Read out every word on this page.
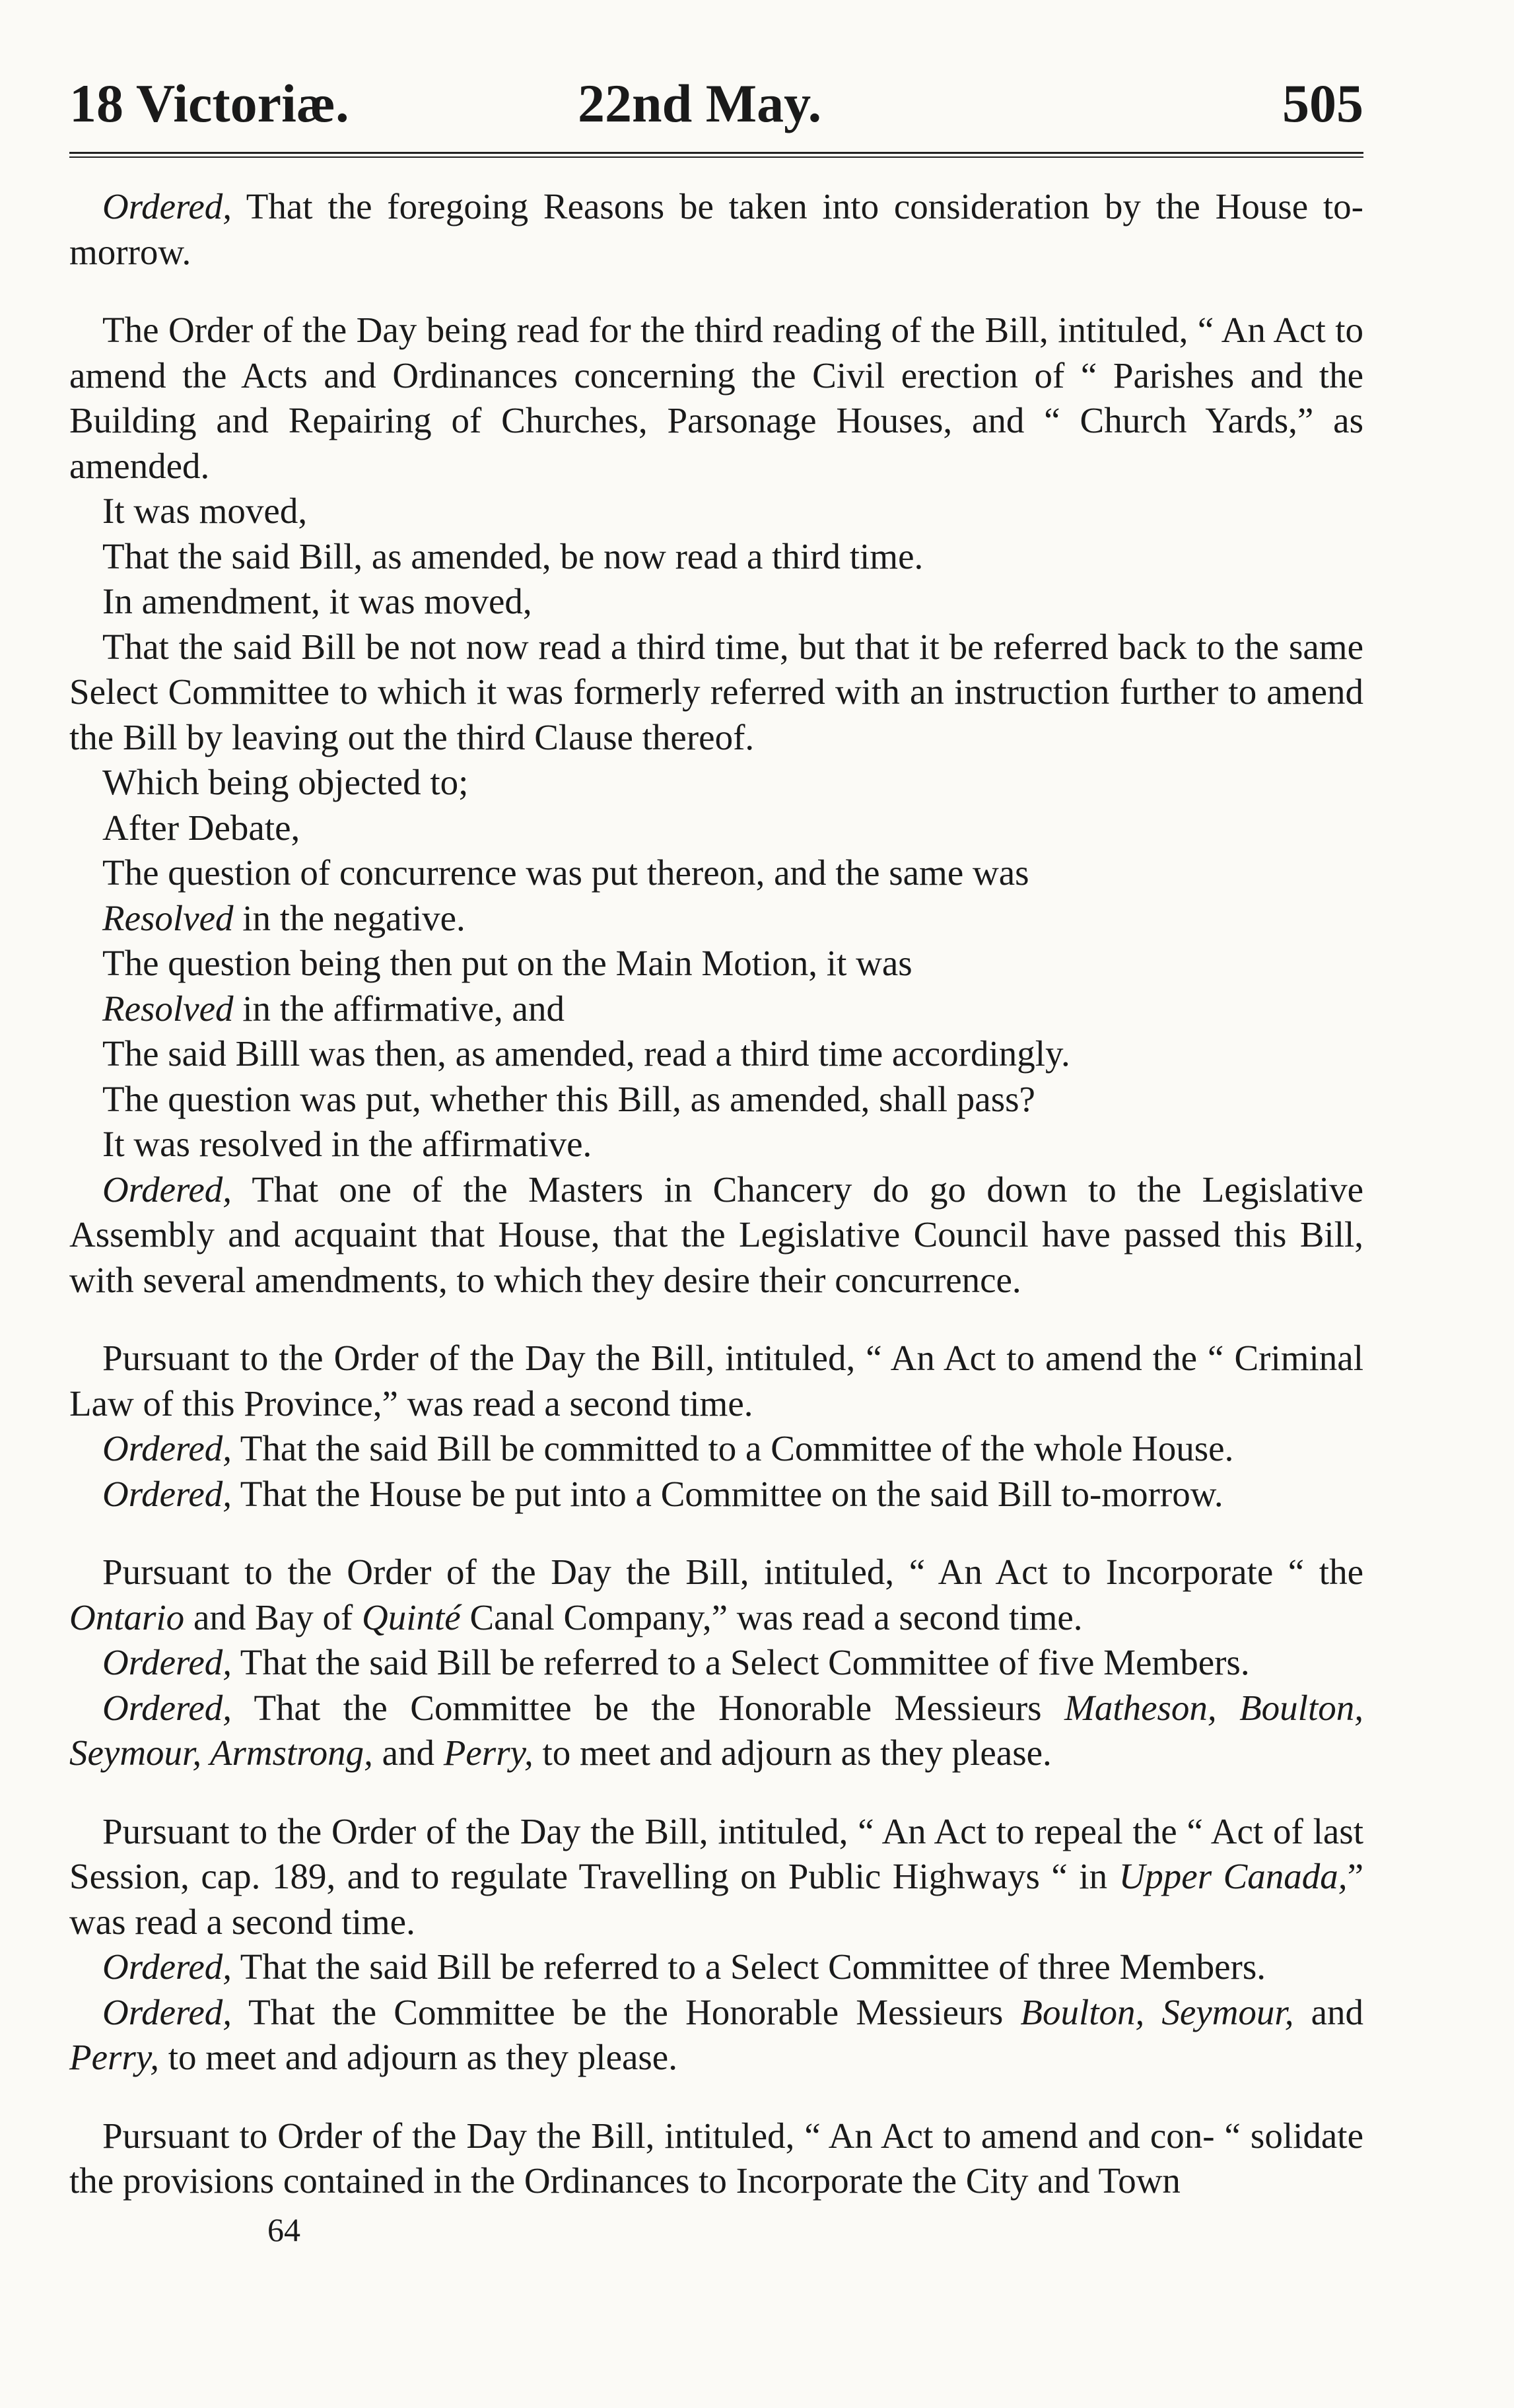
18 Victoriæ.	22nd May.	505

Ordered, That the foregoing Reasons be taken into consideration by the House to-morrow.

The Order of the Day being read for the third reading of the Bill, intituled, “ An Act to amend the Acts and Ordinances concerning the Civil erection of “ Parishes and the Building and Repairing of Churches, Parsonage Houses, and “ Church Yards,” as amended.

It was moved,

That the said Bill, as amended, be now read a third time.

In amendment, it was moved,

That the said Bill be not now read a third time, but that it be referred back to the same Select Committee to which it was formerly referred with an instruction further to amend the Bill by leaving out the third Clause thereof.

Which being objected to;

After Debate,

The question of concurrence was put thereon, and the same was

Resolved in the negative.

The question being then put on the Main Motion, it was

Resolved in the affirmative, and

The said Billl was then, as amended, read a third time accordingly.

The question was put, whether this Bill, as amended, shall pass?

It was resolved in the affirmative.

Ordered, That one of the Masters in Chancery do go down to the Legislative Assembly and acquaint that House, that the Legislative Council have passed this Bill, with several amendments, to which they desire their concurrence.

Pursuant to the Order of the Day the Bill, intituled, “ An Act to amend the “ Criminal Law of this Province,” was read a second time.

Ordered, That the said Bill be committed to a Committee of the whole House.

Ordered, That the House be put into a Committee on the said Bill to-morrow.

Pursuant to the Order of the Day the Bill, intituled, “ An Act to Incorporate “ the Ontario and Bay of Quinté Canal Company,” was read a second time.

Ordered, That the said Bill be referred to a Select Committee of five Members.

Ordered, That the Committee be the Honorable Messieurs Matheson, Boulton, Seymour, Armstrong, and Perry, to meet and adjourn as they please.

Pursuant to the Order of the Day the Bill, intituled, “ An Act to repeal the “ Act of last Session, cap. 189, and to regulate Travelling on Public Highways “ in Upper Canada,” was read a second time.

Ordered, That the said Bill be referred to a Select Committee of three Members.

Ordered, That the Committee be the Honorable Messieurs Boulton, Seymour, and Perry, to meet and adjourn as they please.

Pursuant to Order of the Day the Bill, intituled, “ An Act to amend and con- “ solidate the provisions contained in the Ordinances to Incorporate the City and Town

64
